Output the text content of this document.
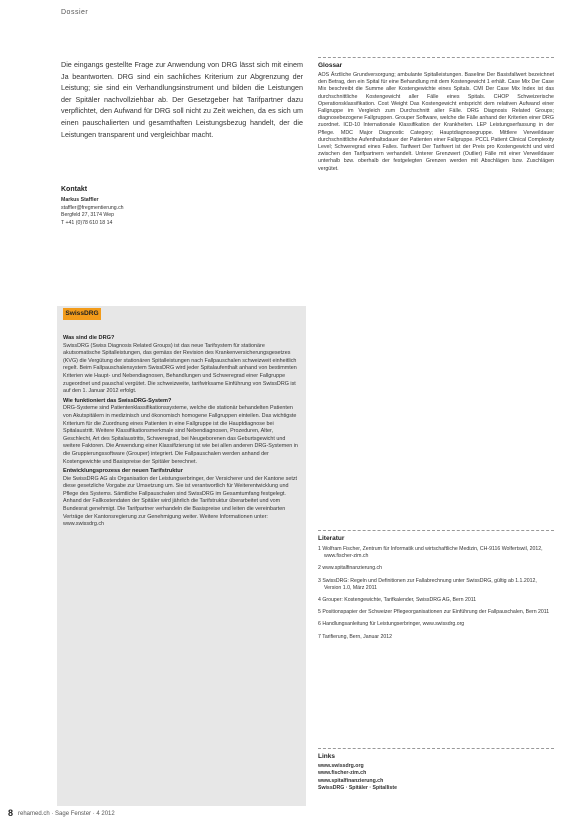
Dossier
Die eingangs gestellte Frage zur Anwendung von DRG lässt sich mit einem Ja beantworten. DRG sind ein sachliches Kriterium zur Abgrenzung der Leistung; sie sind ein Verhandlungsinstrument und bilden die Leistungen der Spitäler nachvollziehbar ab. Der Gesetzgeber hat Tarifpartner dazu verpflichtet, den Aufwand für DRG soll nicht zu Zeit weichen, da es sich um einen pauschalierten und gesamthaften Leistungsbezug handelt, der die Leistungen transparent und vergleichbar macht.
Kontakt
Markus Staffler
staffler@fregmentierung.ch
Bergfeld 27, 3174 Wep
T +41 (0)78 610 18 14
SwissDRG
Was sind die DRG?

SwissDRG (Swiss Diagnosis Related Groups) ist das neue Tarifsystem für stationäre akutsomatische Spitalleistungen, das gemäss der Revision des Krankenversicherungsgesetzes (KVG) die Vergütung der stationären Spitalleistungen nach Fallpauschalen schweizweit einheitlich regelt. Beim Fallpauschalensystem SwissDRG wird jeder Spitalaufenthalt anhand von bestimmten Kriterien wie Haupt- und Nebendiagnosen, Behandlungen und Schweregrad einer Fallgruppe zugeordnet und pauschal vergütet. Die schweizweite, tarifwirksame Einführung von SwissDRG ist auf den 1. Januar 2012 erfolgt.

Wie funktioniert das SwissDRG-System?

DRG-Systeme sind Patientenklassifikationssysteme, welche die stationär behandelten Patienten von Akutspitälern in medizinisch und ökonomisch homogene Fallgruppen einteilen. Das wichtigste Kriterium für die Zuordnung eines Patienten in eine Fallgruppe ist die Hauptdiagnose bei Spitalaustritt. Weitere Klassifikationsmerkmale sind Nebendiagnosen, Prozeduren, Alter, Geschlecht, Art des Spitalaustritts, Schweregrad, bei Neugeborenen das Geburtsgewicht und weitere Faktoren. Die Anwendung einer Klassifizierung ist wie bei allen anderen DRG-Systemen in die Gruppierungssoftware (Grouper) integriert. Die Fallpauschalen werden anhand der Kostengewichte und Basispreise der Spitäler berechnet.

Entwicklungsprozess der neuen Tarifstruktur

Die SwissDRG AG als Organisation der Leistungserbringer, der Versicherer und der Kantone setzt diese gesetzliche Vorgabe zur Umsetzung um. Sie ist verantwortlich für Weiterentwicklung und Pflege des Systems. Sämtliche Fallpauschalen sind SwissDRG im Gesamtumfang festgelegt. Anhand der Fallkostendaten der Spitäler wird jährlich die Tarifstruktur überarbeitet und vom Bundesrat genehmigt. Die Tarifpartner verhandeln die Basispreise und leiten die vereinbarten Verträge der Kantonsregierung zur Genehmigung weiter. Weitere Informationen unter: www.swissdrg.ch

Glossar
AOS Ärztliche Grundversorgung; ambulante Spitalleistungen. Baseline Der Basisfallwert bezeichnet den Betrag, den ein Spital für eine Behandlung mit dem Kostengewicht 1 erhält. Case Mix Der Case Mix beschreibt die Summe aller Kostengewichte eines Spitals. CMI Der Case Mix Index ist das durchschnittliche Kostengewicht aller Fälle eines Spitals. CHOP Schweizerische Operationsklassifikation. Cost Weight Das Kostengewicht entspricht dem relativen Aufwand einer Fallgruppe im Vergleich zum Durchschnitt aller Fälle. DRG Diagnosis Related Groups; diagnosebezogene Fallgruppen. Grouper Software, welche die Fälle anhand der Kriterien einer DRG zuordnet. ICD-10 Internationale Klassifikation der Krankheiten. LEP Leistungserfassung in der Pflege. MDC Major Diagnostic Category; Hauptdiagnosegruppe. Mittlere Verweildauer durchschnittliche Aufenthaltsdauer der Patienten einer Fallgruppe. PCCL Patient Clinical Complexity Level; Schweregrad eines Falles. Tarifwert Der Tarifwert ist der Preis pro Kostengewicht und wird zwischen den Tarifpartnern verhandelt. Unterer Grenzwert (Outlier) Fälle mit einer Verweildauer unterhalb bzw. oberhalb der festgelegten Grenzen werden mit Abschlägen bzw. Zuschlägen vergütet.
Literatur
1 Wolfram Fischer, Zentrum für Informatik und wirtschaftliche Medizin, CH-9116 Wolfertswil, 2012, www.fischer-zim.ch
2 www.spitalfinanzierung.ch
3 SwissDRG: Regeln und Definitionen zur Fallabrechnung unter SwissDRG, gültig ab 1.1.2012, Version 1.0, März 2011
4 Grouper: Kostengewichte, Tarifkalender, SwissDRG AG, Bern 2011
5 Positionspapier der Schweizer Pflegeorganisationen zur Einführung der Fallpauschalen, Bern 2011
6 Handlungsanleitung für Leistungserbringer, www.swissdrg.org
7 Tarifierung, Bern, Januar 2012
Links
www.swissdrg.org
www.fischer-zim.ch
www.spitalfinanzierung.ch
SwissDRG · Spitäler · Spitalliste
8 rehamed.ch · Sage Fenster · 4 2012
